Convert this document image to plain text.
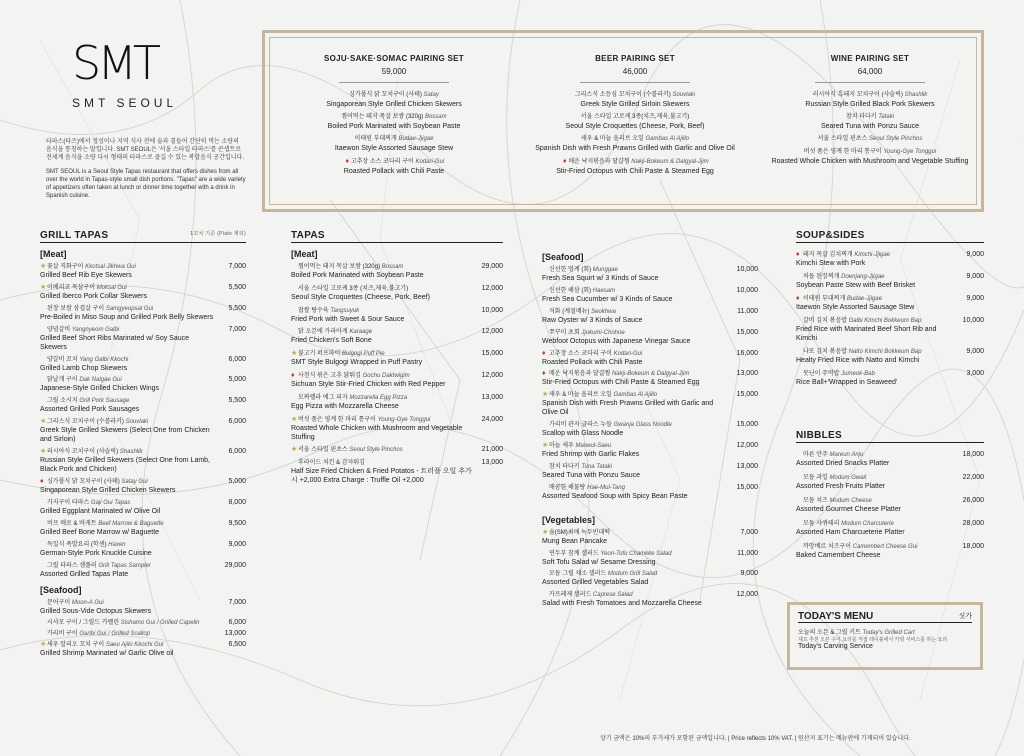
SMT
SMT SEOUL

타파스(타즈)에서 정성이나 지역 식사 전에 술과 곁들어 간단히 먹는 소량의 음식을 통칭하는 말입니다. SMT SEOUL은 '서울 스타일 타파스'를 콘셉트로 전세계 음식을 소량 다시 형태의 타파스로 즐길 수 있는 복합음식 공간입니다.

SMT SEOUL is a Seoul Style Tapas restaurant that offers dishes from all over the world in Tapas-style small dish portions. "Tapas" are a wide variety of appetizers often taken at lunch or dinner time together with a drink in Spanish cuisine.

SOJU·SAKE·SOMAC PAIRING SET
59,000
싱가폴식 닭 꼬치구이 (사테) Satay
Singaporean Style Grilled Chicken Skewers
찜어먹는 돼지 목살 보쌈 (320g) Bossam
Boiled Pork Marinated with Soybean Paste
이태원 부대찌개 Budae-Jjigae
Itaewon Style Assorted Sausage Stew
♦ 고추장 소스 코다리 구이 Kodari-Gui
Roasted Pollack with Chili Paste
BEER PAIRING SET
46,000
그리스식 소등심 꼬치구이 (수블라키) Souvlaki
Greek Style Grilled Sirloin Skewers
서울 스타일 고로케 3종(치즈,제육,불고기)
Seoul Style Croquettes (Cheese, Pork, Beef)
새우 & 마늘 올리브 오일 Gambas Al Ajillo
Spanish Dish with Fresh Prawns Grilled with Garlic and Olive Oil
♦ 매운 낙지볶음과 달걀찜 Nakji-Bokeum & Dalgyal-Jjim
Stir-Fried Octopus with Chili Paste & Steamed Egg
WINE PAIRING SET
64,000
러시아식 흑돼지 꼬치구이 (샤슬릭) Shashlik
Russian Style Grilled Black Pork Skewers
참치 타다키 Tataki
Seared Tuna with Ponzu Sauce
서울 스타일 핀초스 Seoul Style Pinchos
버섯 품은 영계 한 마리 통구이 Young-Gye Tonggui
Roasted Whole Chicken with Mushroom and Vegetable Stuffing
GRILL TAPAS	1꼬치 기준 (Plate 제외)
[Meat]
★꽃살 직화구이 Kkotsal Jikhwa Gui
Grilled Beef Rib Eye Skewers
7,000
★이베리코 목살구이 Moksal Gui
Grilled Iberco Pork Collar Skewers
5,500
된장 보쌈 삼겹살 구이 Samgyeopsal Gui
Pre-Boiled in Miso Soup and Grilled Pork Belly Skewers
5,500
양념갈비 Yangnyeom Galbi
Grilled Beef Short Ribs Marinated w/ Soy Sauce Skewers
7,000
양갈비 꼬치 Yang Galbi Kkochi
Grilled Lamb Chop Skewers
6,000
닭날개 구이 Dak Nalgae Gui
Japanese-Style Grilled Chicken Wings
5,000
그릴 소시지 Grill Pork Sausage
Assorted Grilled Pork Sausages
5,500
★그리스식 꼬치구이 (수블라키) Souvlaki
Greek Style Grilled Skewers (Select One from Chicken and Sirloin)
6,000
★러시아식 꼬치구이 (샤슬릭) Shashlik
Russian Style Grilled Skewers (Select One from Lamb, Black Pork and Chicken)
6,000
♦ 싱가폴식 닭 꼬치구이 (사테) Satay Gui
Singaporean Style Grilled Chicken Skewers
5,000
가지구이 타파스 Gaji Gui Tapas
Grilled Eggplant Marinated w/ Olive Oil
8,000
비프 매로 & 바게트 Beef Marrow & Baguette
Grilled Beef Bone Marrow w/ Baguette
9,500
독일식 족발요리 (학센) Haxen
German-Style Pork Knuckle Cuisine
9,000
그릴 타파스 샘플러 Grill Tapas Sampler
Assorted Grilled Tapas Plate
29,000
[Seafood]
문어구이 Moon-A Gui
Grilled Sous-Vide Octopus Skewers
7,000
시샤모 구이 / 그릴드 카펠린 Sishamo Gui / Grilled Capelin	6,000
가리비 구이 Garibi Gui / Grilled Scallop	13,000
★새우 알리오 꼬치 구이 Saeu Ajilo Kkochi Gui
Grilled Shrimp Marinated w/ Garlic Olive oil
6,500
TAPAS
[Meat]
찜어먹는 돼지 목살 보쌈 (320g) Bossam
Boiled Pork Marinated with Soybean Paste
29,000
서울 스타일 고로케 3종 (치즈,제육,불고기)
Seoul Style Croquettes (Cheese, Pork, Beef)
12,000
찹쌀 탕수육 Tangsuyuk
Fried Pork with Sweet & Sour Sauce
10,000
닭 오븐에 가라아게 Karaage
Fried Chicken's Soft Bone
12,000
★불고기 퍼프파이 Bulgogi Puff Pie
SMT Style Bulgogi Wrapped in Puff Pastry
15,000
♦ 사천식 볶은 고추 닭튀김 Gochu Daktwigim
Sichuan Style Stir-Fried Chicken with Red Pepper
12,000
모짜렐라 에그 피자 Mozzarella Egg Pizza
Egg Pizza with Mozzarella Cheese
13,000
★버섯 품은 영계 한 마리 통구이 Young-Gye Tonggui
Roasted Whole Chicken with Mushroom and Vegetable Stuffing
24,000
★서울 스타일 핀초스 Seoul Style Pinchos	21,000
후라이드 치킨 & 감자튀김
Half Size Fried Chicken & Fried Potatos - 트러플 오일 추가시 +2,000 Extra Charge : Truffle Oil +2,000
13,000
[Seafood]
신선한 멍게 (회) Munggae
Fresh Sea Squirt w/ 3 Kinds of Sauce
10,000
신선한 해삼 (회) Haesam
Fresh Sea Cucumber w/ 3 Kinds of Sauce
10,000
석화 (계절메뉴) Seokhwa
Raw Oyster w/ 3 Kinds of Sauce
11,000
쭈꾸미 초회 Jjukumi-Chohoe
Webfoot Octopus with Japanese Vinegar Sauce
15,000
♦ 고추장 소스 코다리 구이 Kodari-Gui
Roasted Pollack with Chili Paste
16,000
♦ 매운 낙지볶음과 달걀찜 Nakji-Bokeum & Dalgyal-Jjim
Stir-Fried Octopus with Chili Paste & Steamed Egg
13,000
★새우 & 마늘 올리브 오일 Gambas Al Ajillo
Spanish Dish with Fresh Prawns Grilled with Garlic and Olive Oil
15,000
가리비 관자 글라스 누들 Gwanja Glass Noodle
Scallop with Glass Noodle
15,000
★마늘 새우 Maneul-Saeu
Fried Shrimp with Garlic Flakes
12,000
참치 타다키 Tuna Tataki
Seared Tuna with Ponzu Sauce
13,000
매콤한 해물탕 Hae-Mul-Tang
Assorted Seafood Soup with Spicy Bean Paste
15,000
[Vegetables]
★숨(SM)최애 녹두빈대떡
Mung Bean Pancake
7,000
연두부 참깨 샐러드 Yeon-Tofu Chamkke Salad
Soft Tofu Salad w/ Sesame Dressing
11,000
모듬 그릴 채소 샐러드 Modum Grill Salad
Assorted Grilled Vegetables Salad
9,000
카프레제 샐러드 Caprese Salad
Salad with Fresh Tomatoes and Mozzarella Cheese
12,000
SOUP&SIDES
♦ 돼지 목살 김치찌개 Kimchi-Jjigae
Kimchi Stew with Pork
9,000
차돌 된장찌개 Doenjang-Jjigae
Soybean Paste Stew with Beef Brisket
9,000
♦ 이태원 부대찌개 Budae-Jjigae
Itaewon Style Assorted Sausage Stew
9,000
갈비 김치 볶음밥 Galbi Kimchi Bokkeum Bap
Fried Rice with Marinated Beef Short Rib and Kimchi
10,000
나또 김치 볶음밥 Natto Kimchi Bokkeum Bap
Healty Fried Rice with Natto and Kimchi
9,000
뭇닌이 주먹밥 Jumeok-Bab
Rice Ball+'Wrapped in Seaweed'
3,000
NIBBLES
마른 안주 Mareun Anju
Assorted Dried Snacks Platter
18,000
모듬 과일 Modum Gwail
Assorted Fresh Fruits Platter
22,000
모듬 치즈 Modum Cheese
Assorted Gourmet Cheese Platter
26,000
모둠 샤퀴테리 Modum Charcuterie
Assorted Ham Charcueterie Platter
28,000
까망베르 치즈구이 Camembert Cheese Gui
Baked Camembert Cheese
18,000
TODAY'S MENU	싯가
오늘의 오븐 & 그릴 키트 Today's Grilled Cart
셰프 추천 오븐 구이 요리를 직접 테이블에서 카빙 서비스를 하는 요리
Today's Carving Service
상기 금액은 10%의 부가세가 포함된 금액입니다. | Price reflects 10% VAT. | 원산지 표기는 메뉴판에 기재되어 있습니다.
